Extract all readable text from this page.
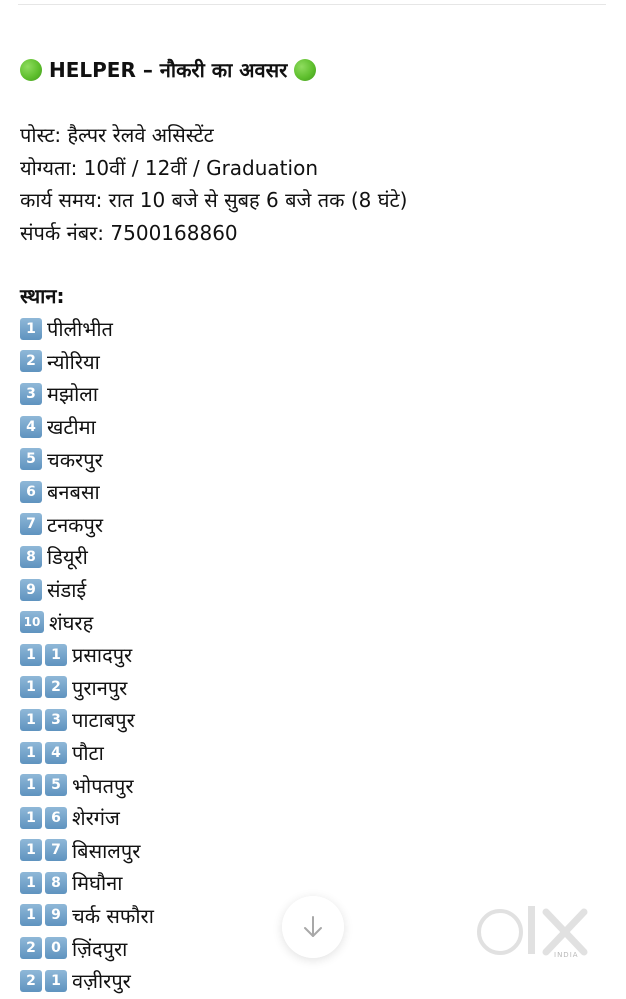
HELPER – नौकरी का अवसर
पोस्ट: हैल्पर रेलवे असिस्टेंट
योग्यता: 10वीं / 12वीं / Graduation
कार्य समय: रात 10 बजे से सुबह 6 बजे तक (8 घंटे)
संपर्क नंबर: 7500168860
स्थान:
1 पीलीभीत
2 न्योरिया
3 मझोला
4 खटीमा
5 चकरपुर
6 बनबसा
7 टनकपुर
8 डियूरी
9 संडाई
10 शंघरह
1	1 प्रसादपुर
1	2 पुरानपुर
1	3 पाटाबपुर
1	4 पौटा
1	5 भोपतपुर
1	6 शेरगंज
1	7 बिसालपुर
1	8 मिघौना
1	9 चर्क सफौरा
2	0 ज़िंदपुरा
2	1 वज़ीरपुर
INDIA
